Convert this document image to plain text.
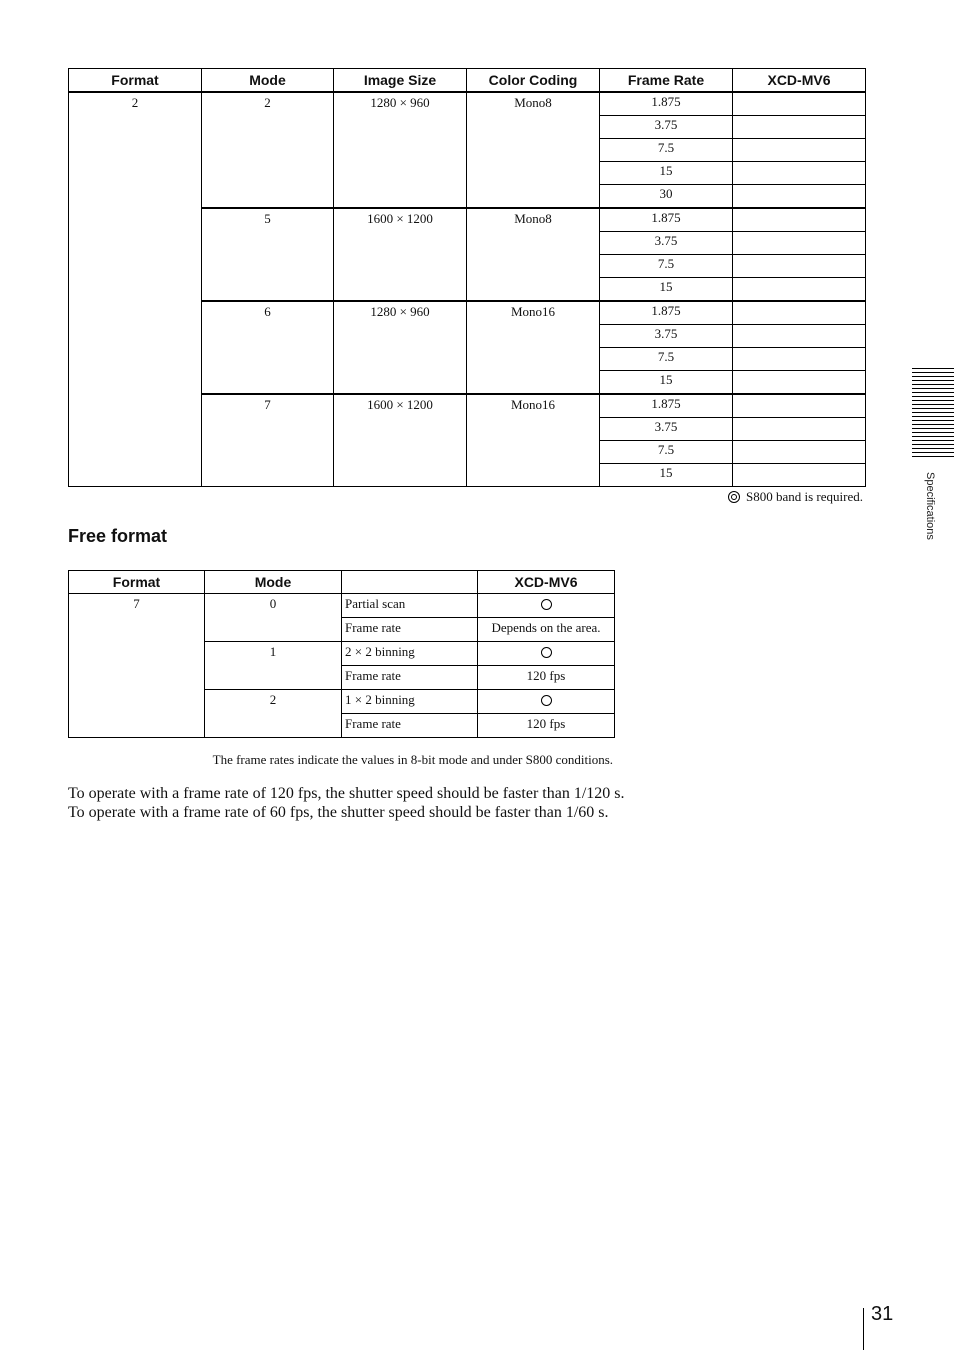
Format	Mode	Image Size	Color Coding	Frame Rate	XCD-MV6
2	2	1280 × 960	Mono8	1.875	
				3.75	
				7.5	
				15	
				30	
	5	1600 × 1200	Mono8	1.875	
				3.75	
				7.5	
				15	
	6	1280 × 960	Mono16	1.875	
				3.75	
				7.5	
				15	
	7	1600 × 1200	Mono16	1.875	
				3.75	
				7.5	
				15	
S800 band is required.
Free format
Format	Mode		XCD-MV6
7	0	Partial scan	
		Frame rate	Depends on the area.
	1	2 × 2 binning	
		Frame rate	120 fps
	2	1 × 2 binning	
		Frame rate	120 fps
The frame rates indicate the values in 8-bit mode and under S800 conditions.
To operate with a frame rate of 120 fps, the shutter speed should be faster than 1/120 s.
To operate with a frame rate of 60 fps, the shutter speed should be faster than 1/60 s.
Specifications
31
